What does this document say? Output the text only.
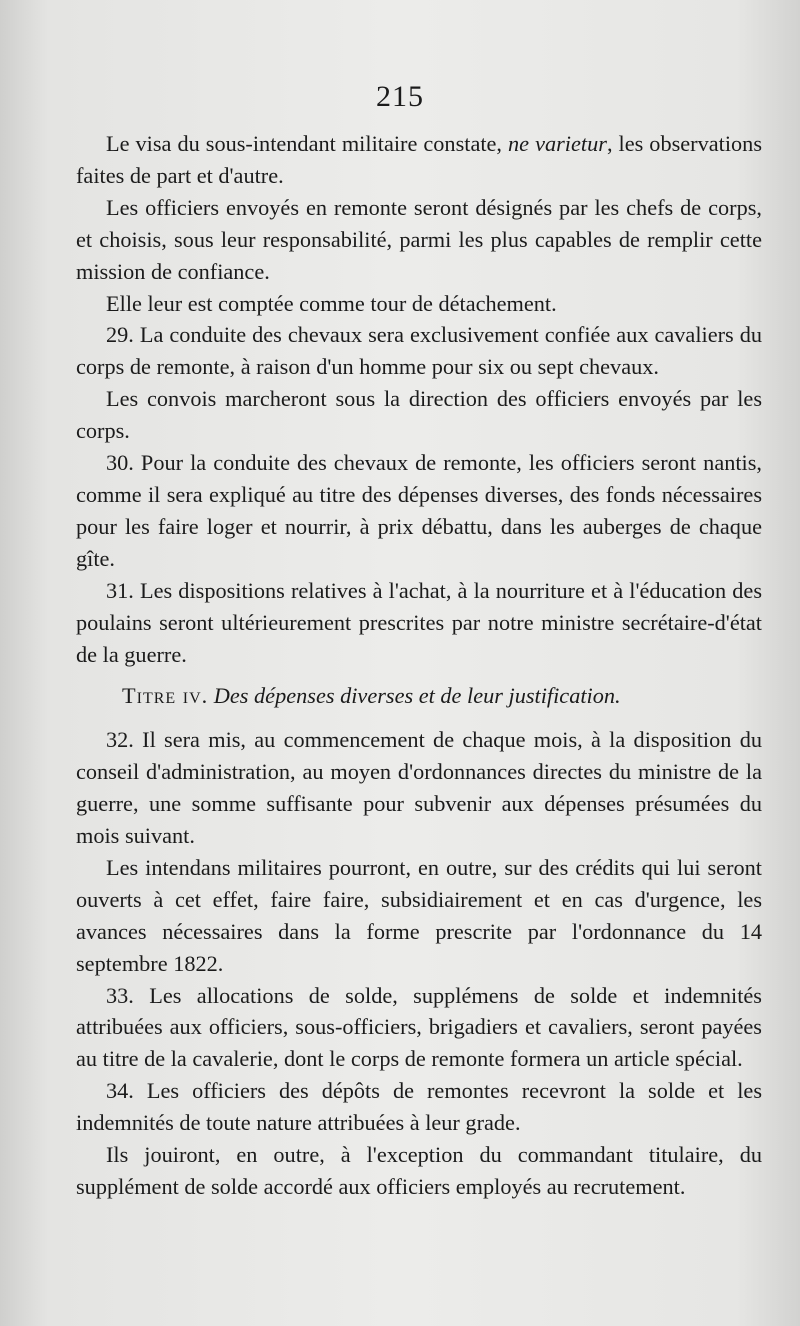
215

Le visa du sous-intendant militaire constate, ne varietur, les observations faites de part et d'autre.

Les officiers envoyés en remonte seront désignés par les chefs de corps, et choisis, sous leur responsabilité, parmi les plus capables de remplir cette mission de confiance.

Elle leur est comptée comme tour de détachement.

29. La conduite des chevaux sera exclusivement confiée aux cavaliers du corps de remonte, à raison d'un homme pour six ou sept chevaux.

Les convois marcheront sous la direction des officiers envoyés par les corps.

30. Pour la conduite des chevaux de remonte, les officiers seront nantis, comme il sera expliqué au titre des dépenses diverses, des fonds nécessaires pour les faire loger et nourrir, à prix débattu, dans les auberges de chaque gîte.

31. Les dispositions relatives à l'achat, à la nourriture et à l'éducation des poulains seront ultérieurement prescrites par notre ministre secrétaire-d'état de la guerre.

Titre iv. Des dépenses diverses et de leur justification.

32. Il sera mis, au commencement de chaque mois, à la disposition du conseil d'administration, au moyen d'ordonnances directes du ministre de la guerre, une somme suffisante pour subvenir aux dépenses présumées du mois suivant.

Les intendans militaires pourront, en outre, sur des crédits qui lui seront ouverts à cet effet, faire faire, subsidiairement et en cas d'urgence, les avances nécessaires dans la forme prescrite par l'ordonnance du 14 septembre 1822.

33. Les allocations de solde, supplémens de solde et indemnités attribuées aux officiers, sous-officiers, brigadiers et cavaliers, seront payées au titre de la cavalerie, dont le corps de remonte formera un article spécial.

34. Les officiers des dépôts de remontes recevront la solde et les indemnités de toute nature attribuées à leur grade.

Ils jouiront, en outre, à l'exception du commandant titulaire, du supplément de solde accordé aux officiers employés au recrutement.
